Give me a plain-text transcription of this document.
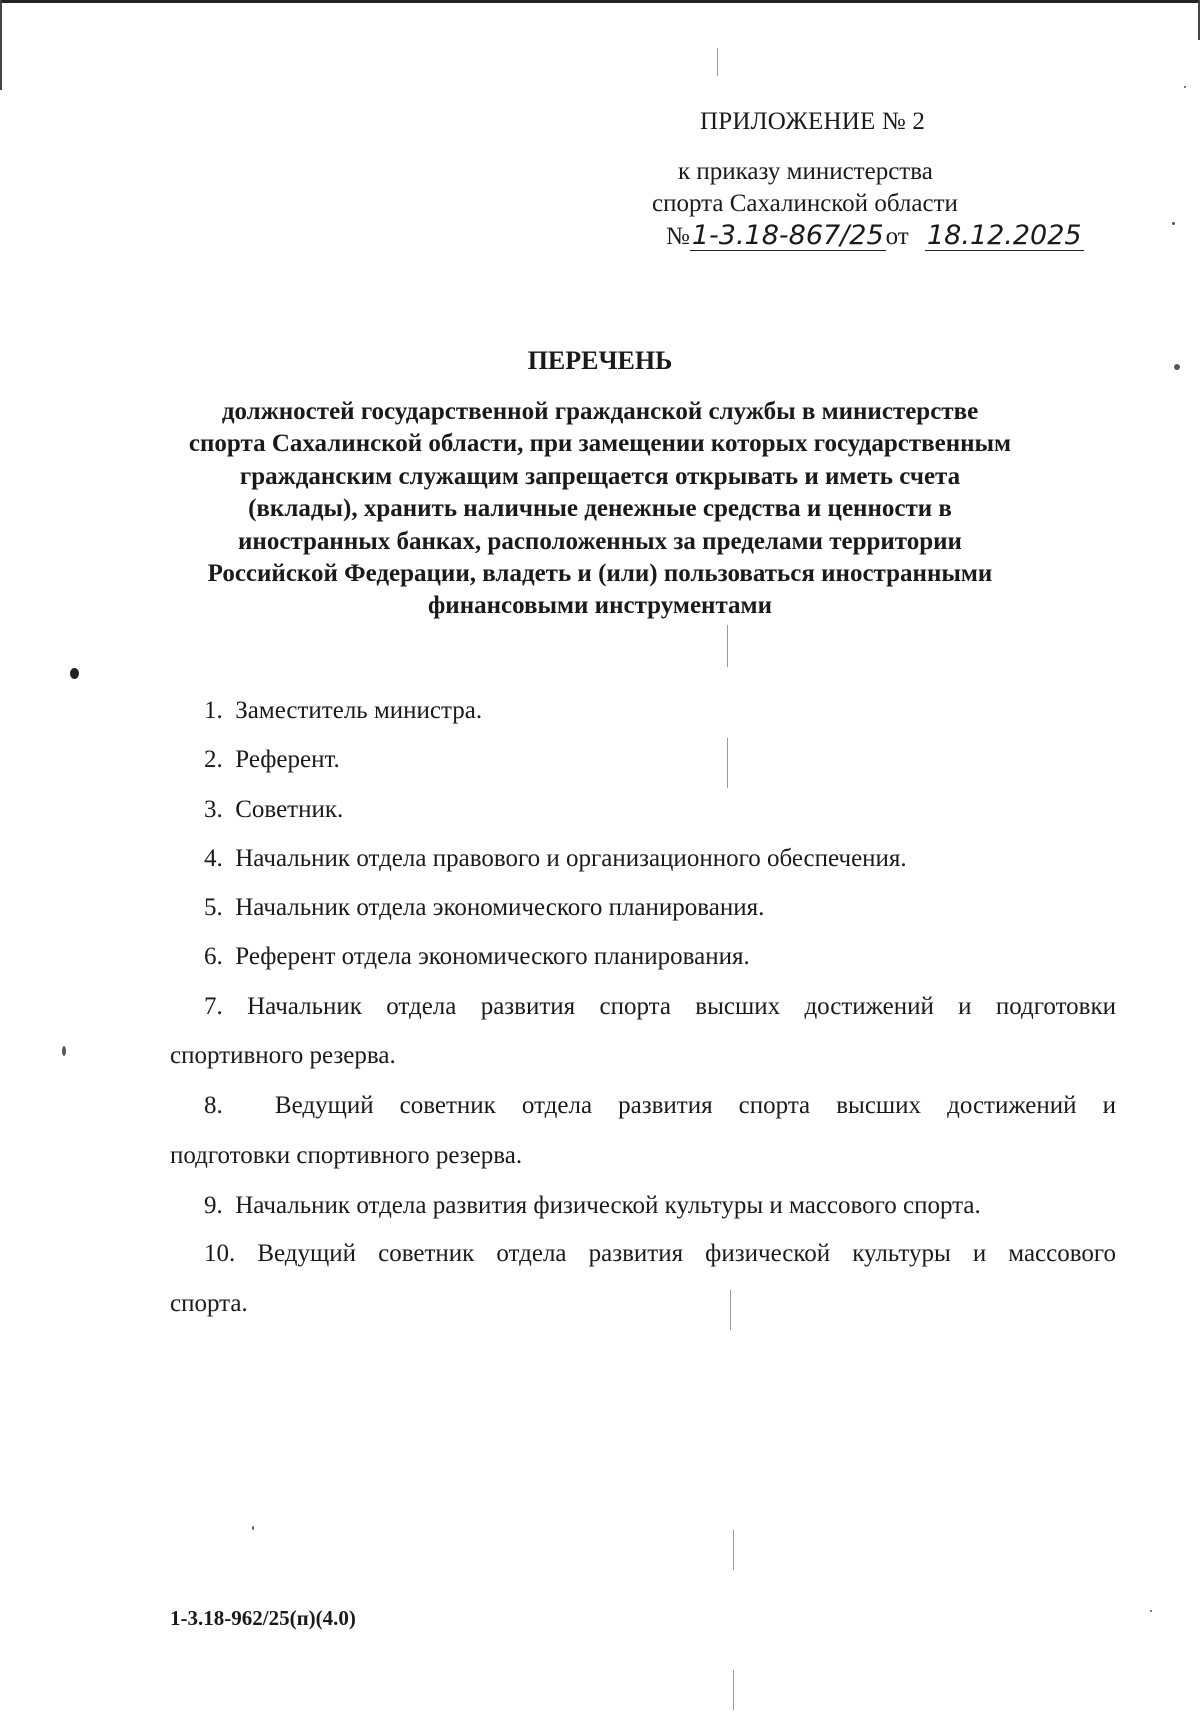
ПРИЛОЖЕНИЕ № 2
к приказу министерства
спорта Сахалинской области
№1-3.18-867/25от 18.12.2025
ПЕРЕЧЕНЬ
должностей государственной гражданской службы в министерстве
спорта Сахалинской области, при замещении которых государственным
гражданским служащим запрещается открывать и иметь счета
(вклады), хранить наличные денежные средства и ценности в
иностранных банках, расположенных за пределами территории
Российской Федерации, владеть и (или) пользоваться иностранными
финансовыми инструментами
1. Заместитель министра.
2. Референт.
3. Советник.
4. Начальник отдела правового и организационного обеспечения.
5. Начальник отдела экономического планирования.
6. Референт отдела экономического планирования.
7. Начальник отдела развития спорта высших достижений и подготовки
спортивного резерва.
8. Ведущий советник отдела развития спорта высших достижений и
подготовки спортивного резерва.
9. Начальник отдела развития физической культуры и массового спорта.
10. Ведущий советник отдела развития физической культуры и массового
спорта.
1-3.18-962/25(п)(4.0)
